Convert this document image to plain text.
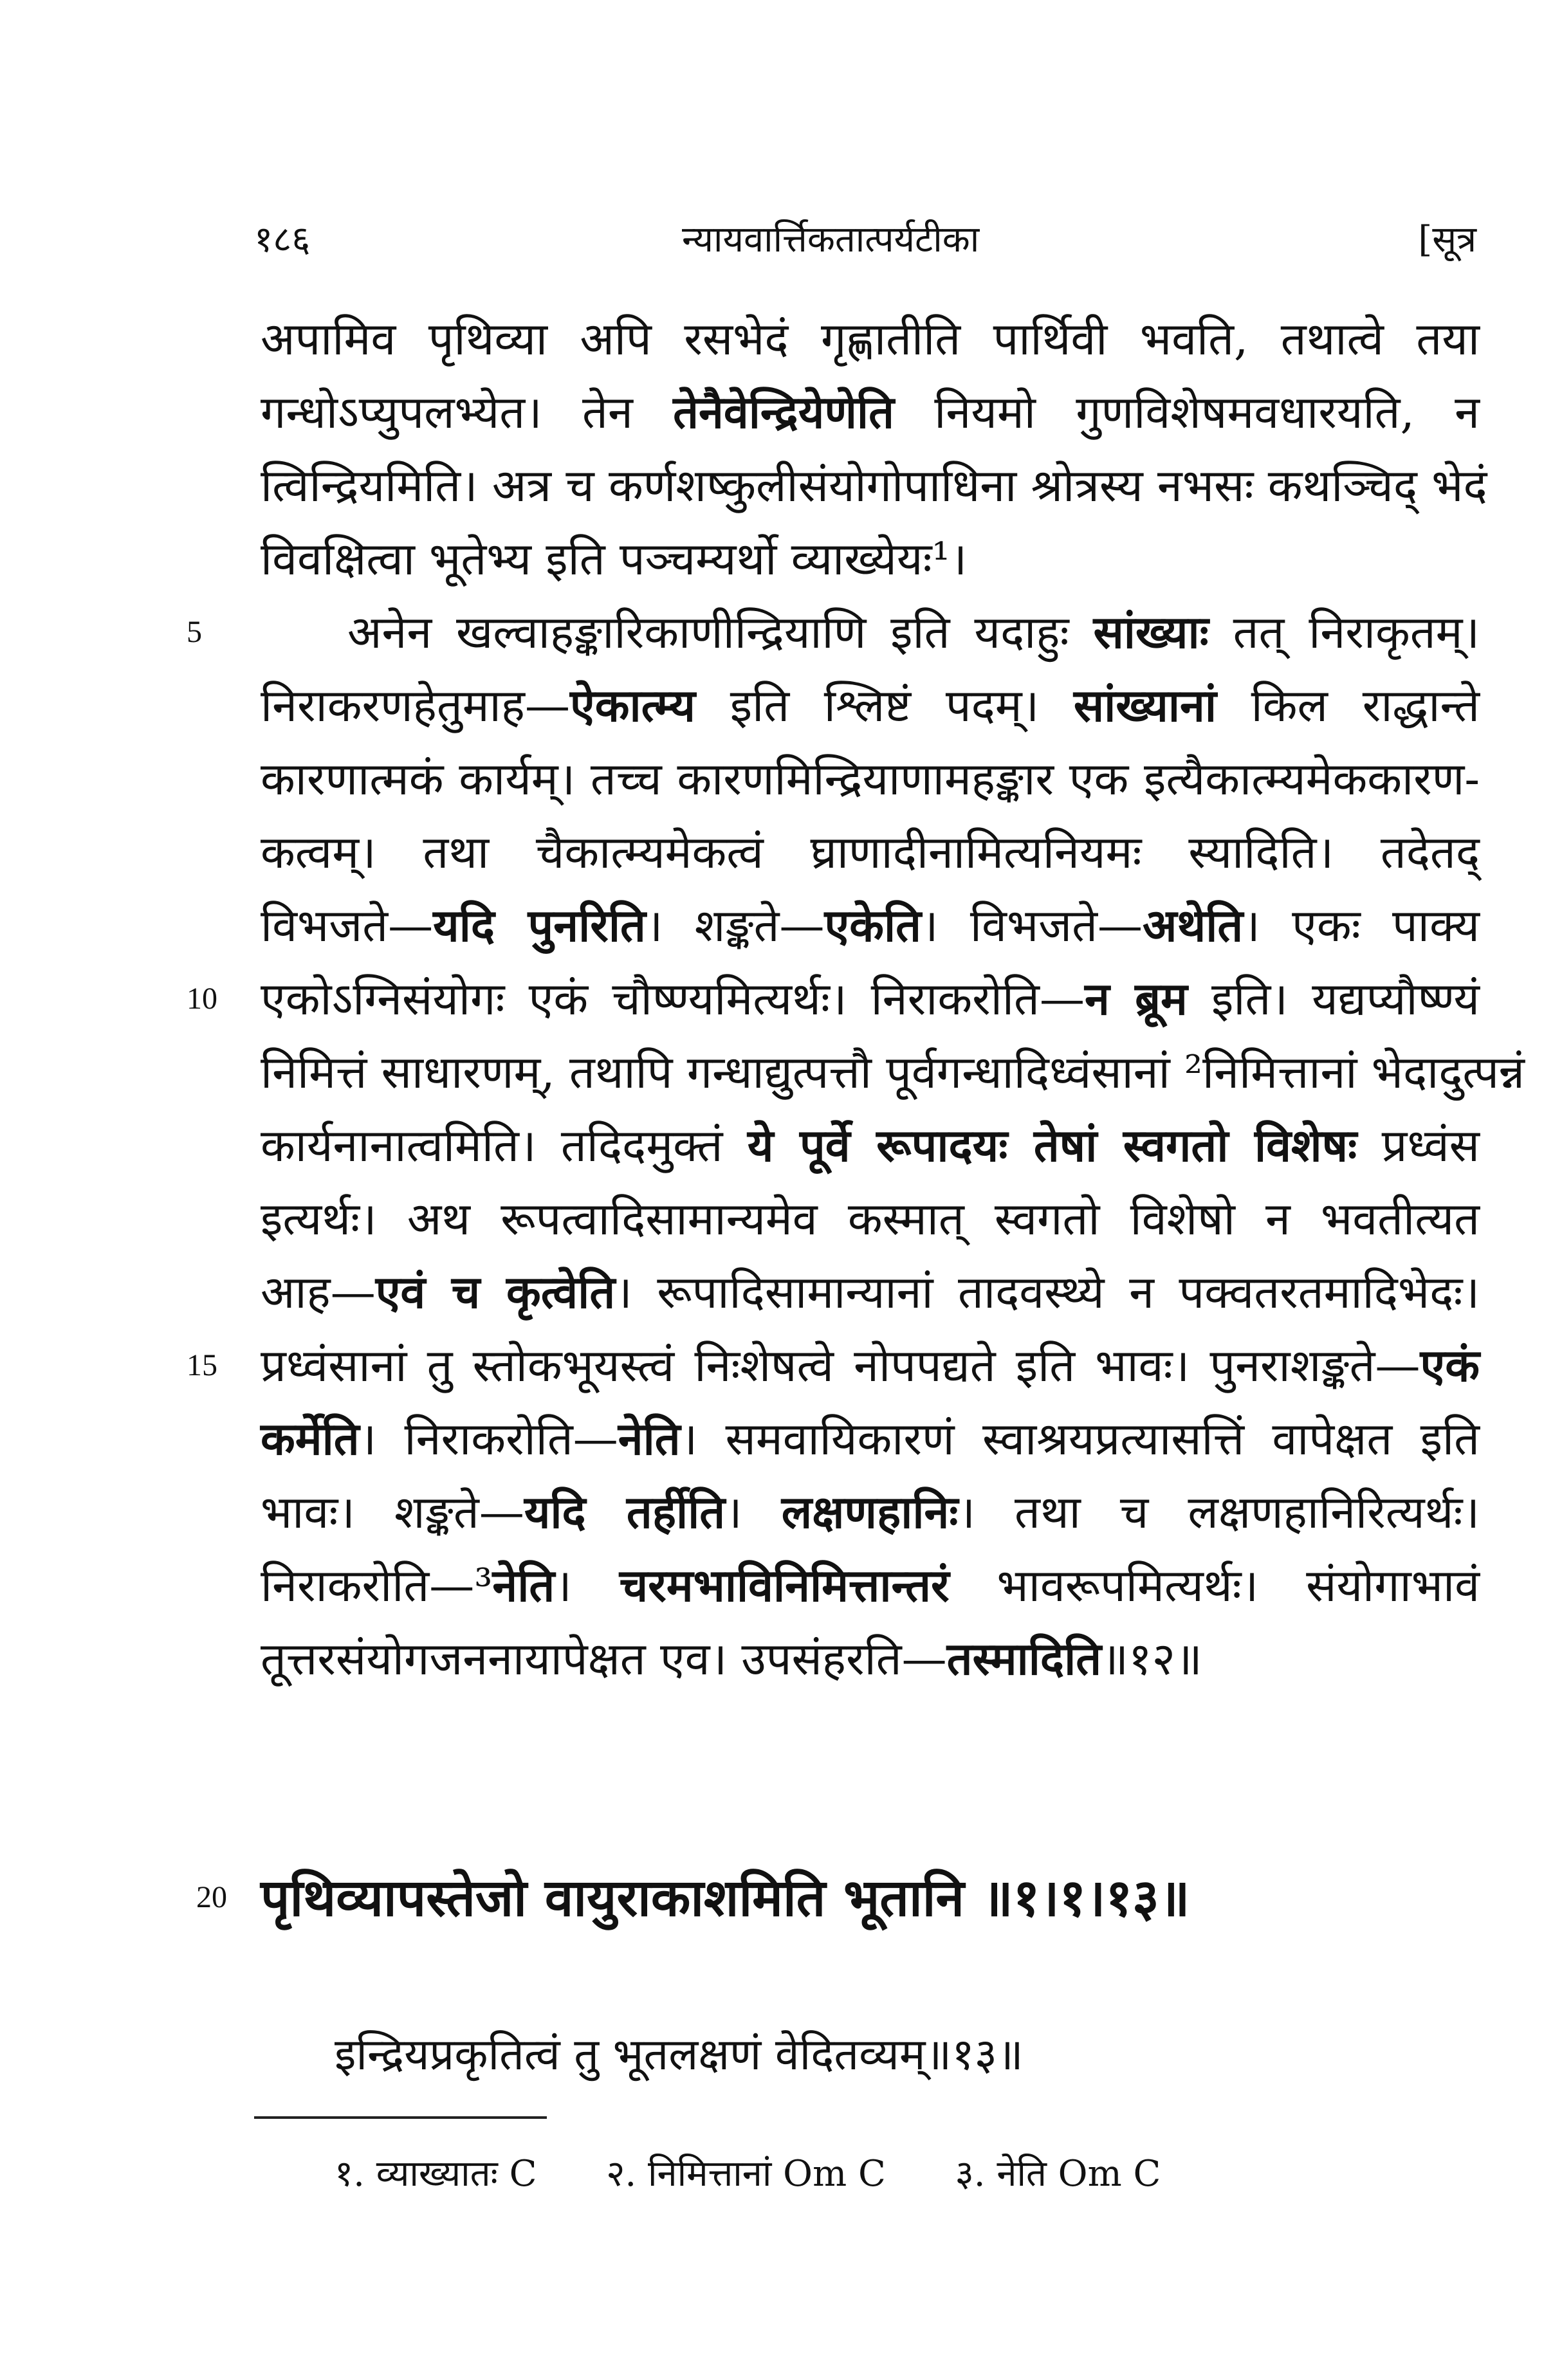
१८६	न्यायवार्त्तिकतात्पर्यटीका	[सूत्र
अपामिव पृथिव्या अपि रसभेदं गृह्णातीति पार्थिवी भवति, तथात्वे तया
गन्धोऽप्युपलभ्येत। तेन तेनैवेन्द्रियेणेति नियमो गुणविशेषमवधारयति, न
त्विन्द्रियमिति। अत्र च कर्णशष्कुलीसंयोगोपाधिना श्रोत्रस्य नभसः कथञ्चिद् भेदं
विवक्षित्वा भूतेभ्य इति पञ्चम्यर्थो व्याख्येयः¹।
5	अनेन खल्वाहङ्कारिकाणीन्द्रियाणि इति यदाहुः सांख्याः तत् निराकृतम्।
निराकरणहेतुमाह—ऐकात्म्य इति श्लिष्टं पदम्। सांख्यानां किल राद्धान्ते
कारणात्मकं कार्यम्। तच्च कारणमिन्द्रियाणामहङ्कार एक इत्यैकात्म्यमेककारण-
कत्वम्। तथा चैकात्म्यमेकत्वं घ्राणादीनामित्यनियमः स्यादिति। तदेतद्
विभजते—यदि पुनरिति। शङ्कते—एकेति। विभजते—अथेति। एकः पाक्य
10 एकोऽग्निसंयोगः एकं चौष्ण्यमित्यर्थः। निराकरोति—न ब्रूम इति। यद्यप्यौष्ण्यं
निमित्तं साधारणम्, तथापि गन्धाद्युत्पत्तौ पूर्वगन्धादिध्वंसानां ²निमित्तानां भेदादुत्पन्नं
कार्यनानात्वमिति। तदिदमुक्तं ये पूर्वे रूपादयः तेषां स्वगतो विशेषः प्रध्वंस
इत्यर्थः। अथ रूपत्वादिसामान्यमेव कस्मात् स्वगतो विशेषो न भवतीत्यत
आह—एवं च कृत्वेति। रूपादिसामान्यानां तादवस्थ्ये न पक्वतरतमादिभेदः।
15 प्रध्वंसानां तु स्तोकभूयस्त्वं निःशेषत्वे नोपपद्यते इति भावः। पुनराशङ्कते—एकं
कर्मेति। निराकरोति—नेति। समवायिकारणं स्वाश्रयप्रत्यासत्तिं वापेक्षत इति
भावः। शङ्कते—यदि तर्हीति। लक्षणहानिः। तथा च लक्षणहानिरित्यर्थः।
निराकरोति—³नेति। चरमभाविनिमित्तान्तरं भावरूपमित्यर्थः। संयोगाभावं
तूत्तरसंयोगजननायापेक्षत एव। उपसंहरति—तस्मादिति॥१२॥
20 पृथिव्यापस्तेजो वायुराकाशमिति भूतानि ॥१।१।१३॥
इन्द्रियप्रकृतित्वं तु भूतलक्षणं वेदितव्यम्॥१३॥
१. व्याख्यातः C २. निमित्तानां Om C ३. नेति Om C
